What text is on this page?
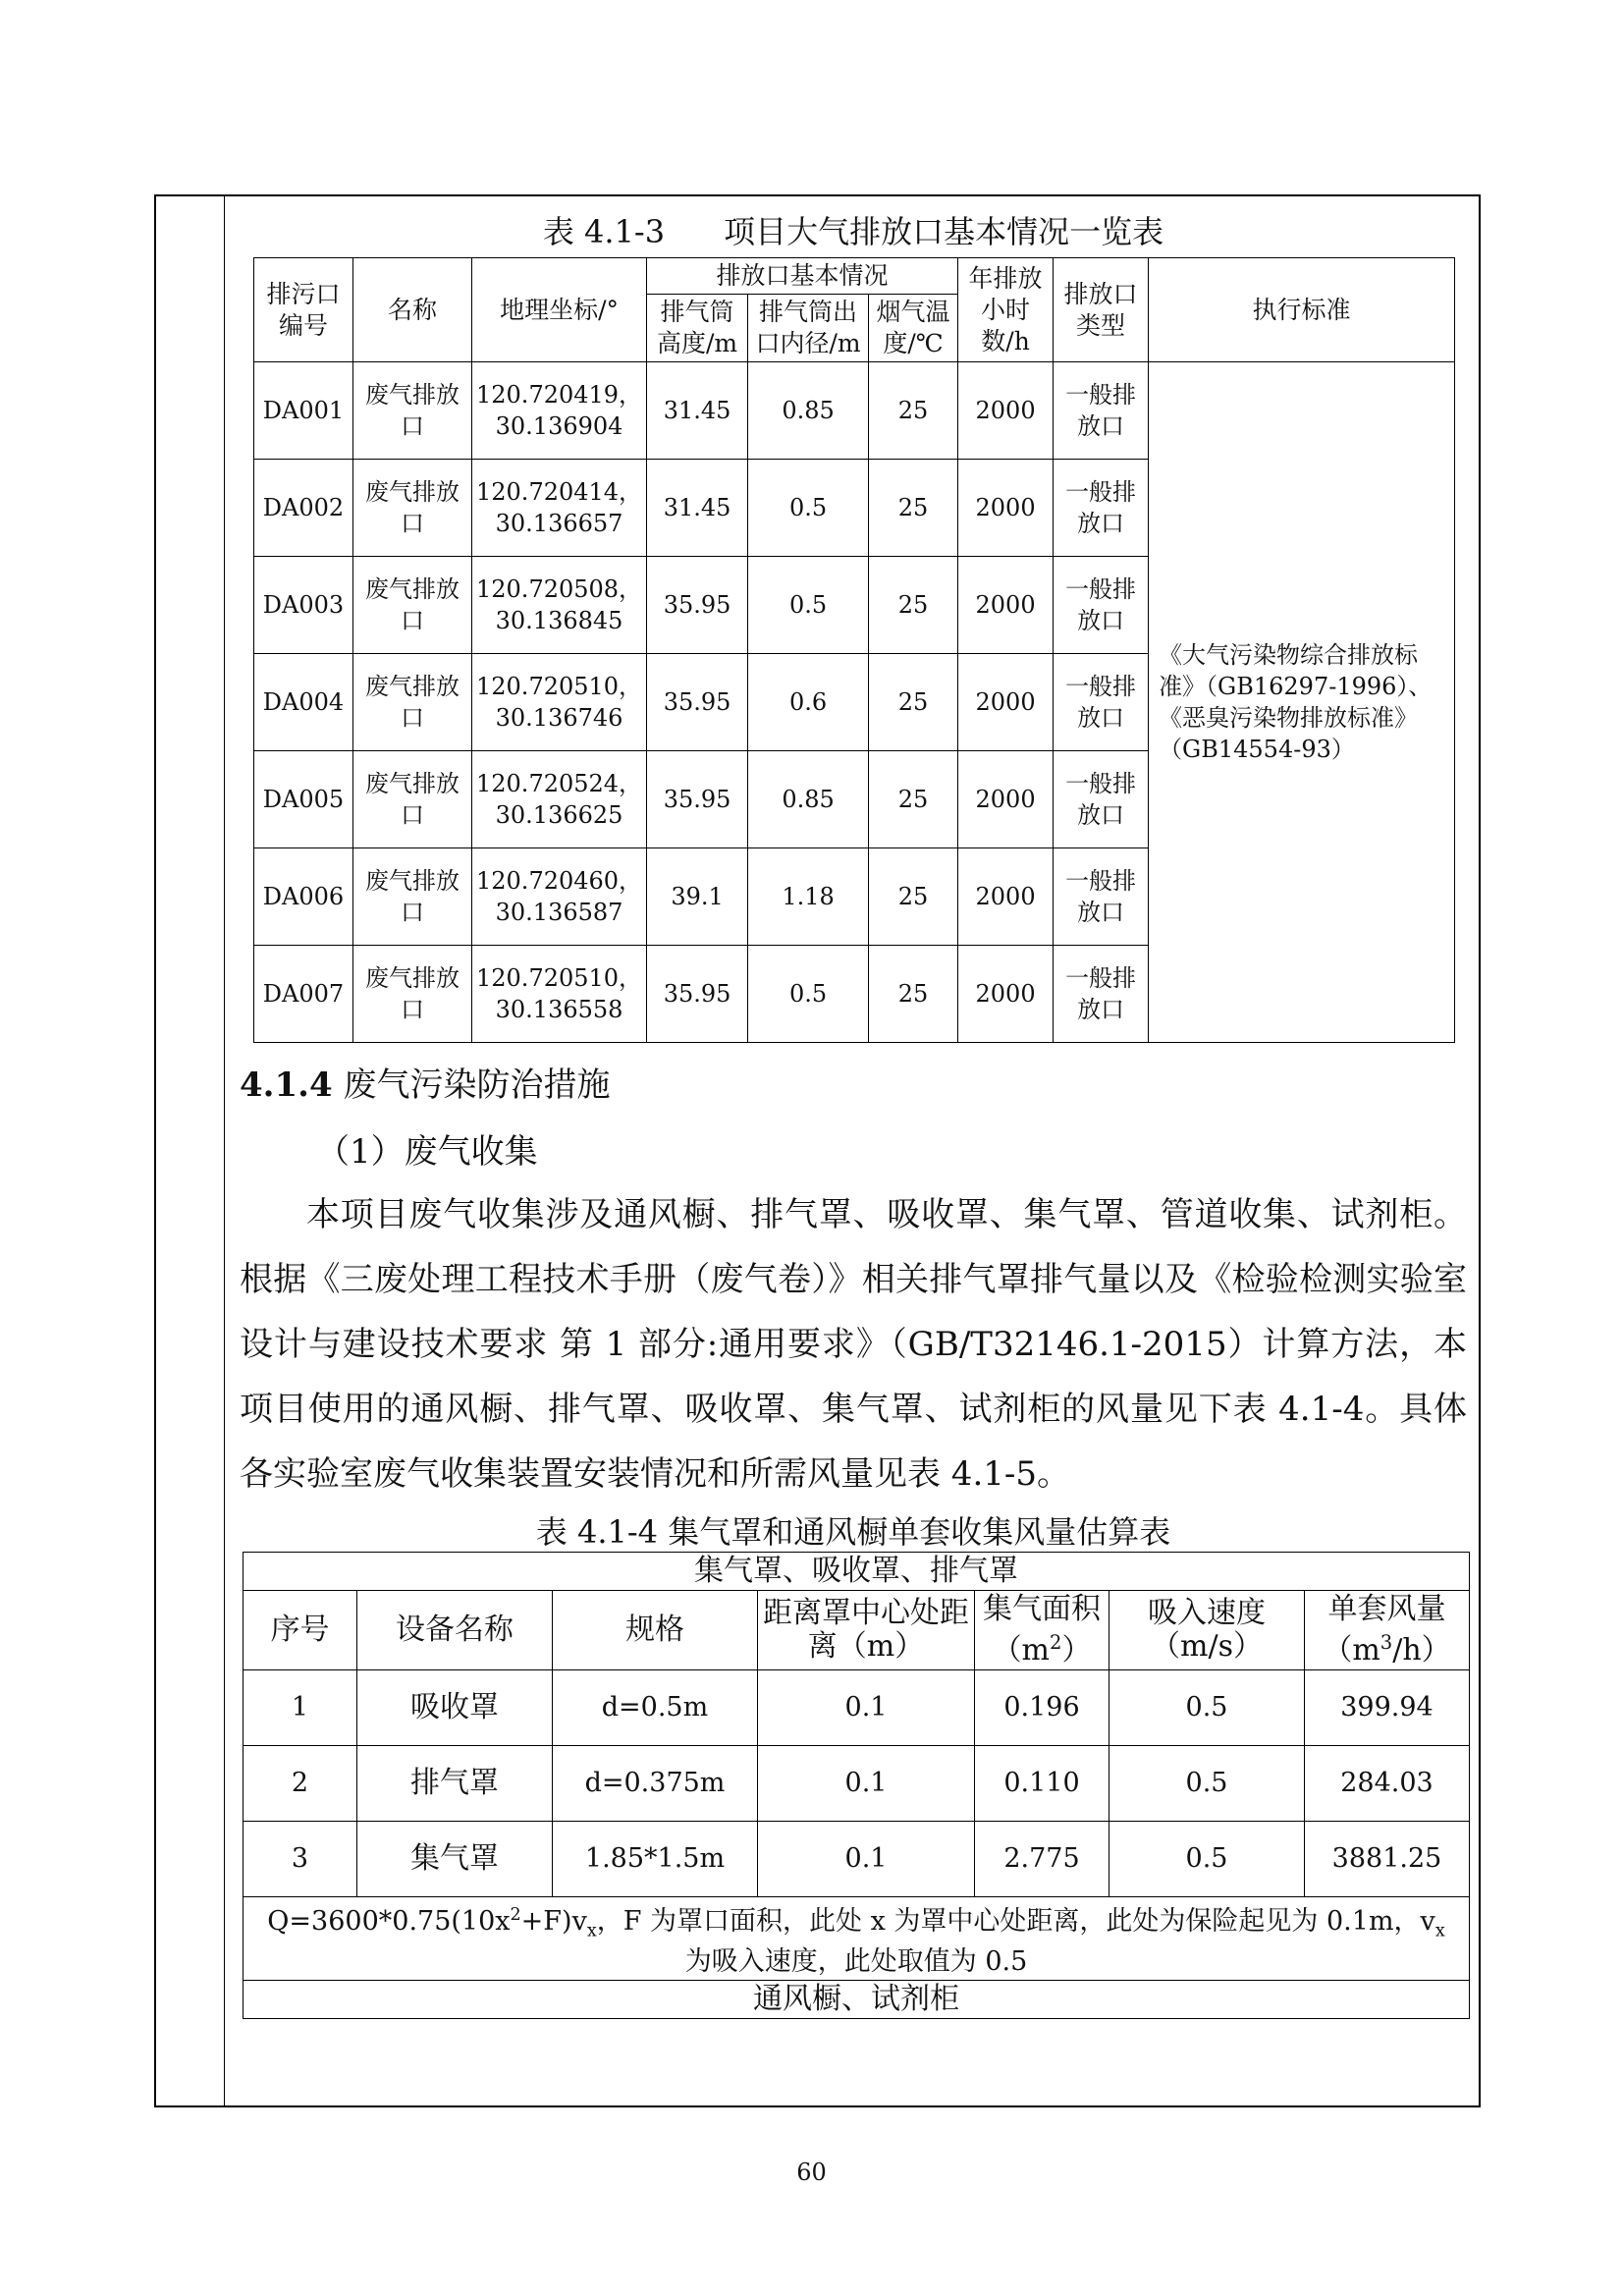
表 4.1-3 项目大气排放口基本情况一览表
排污口编号	名称	地理坐标/°	排放口基本情况			年排放小时数/h	排放口类型	执行标准
			排气筒高度/m	排气筒出口内径/m	烟气温度/℃			
DA001	废气排放口	120.720419，30.136904	31.45	0.85	25	2000	一般排放口	《大气污染物综合排放标准》（GB16297-1996）、《恶臭污染物排放标准》（GB14554-93）
DA002	废气排放口	120.720414，30.136657	31.45	0.5	25	2000	一般排放口	
DA003	废气排放口	120.720508，30.136845	35.95	0.5	25	2000	一般排放口	
DA004	废气排放口	120.720510，30.136746	35.95	0.6	25	2000	一般排放口	
DA005	废气排放口	120.720524，30.136625	35.95	0.85	25	2000	一般排放口	
DA006	废气排放口	120.720460，30.136587	39.1	1.18	25	2000	一般排放口	
DA007	废气排放口	120.720510，30.136558	35.95	0.5	25	2000	一般排放口	
4.1.4 废气污染防治措施
（1）废气收集
本项目废气收集涉及通风橱、排气罩、吸收罩、集气罩、管道收集、试剂柜。根据《三废处理工程技术手册（废气卷）》相关排气罩排气量以及《检验检测实验室设计与建设技术要求 第 1 部分:通用要求》（GB/T32146.1-2015）计算方法，本项目使用的通风橱、排气罩、吸收罩、集气罩、试剂柜的风量见下表 4.1-4。具体各实验室废气收集装置安装情况和所需风量见表 4.1-5。
表 4.1-4 集气罩和通风橱单套收集风量估算表
集气罩、吸收罩、排气罩						
序号	设备名称	规格	距离罩中心处距离（m）	集气面积$(m^2)$	吸入速度（m/s）	单套风量$(m^3/h)$
1	吸收罩	d=0.5m	0.1	0.196	0.5	399.94
2	排气罩	d=0.375m	0.1	0.110	0.5	284.03
3	集气罩	1.85*1.5m	0.1	2.775	0.5	3881.25
$Q=3600*0.75(10x^2+F)v_x$，F 为罩口面积，此处 x 为罩中心处距离，此处为保险起见为 0.1m，$v_x$
为吸入速度，此处取值为 0.5						
通风橱、试剂柜						
60
